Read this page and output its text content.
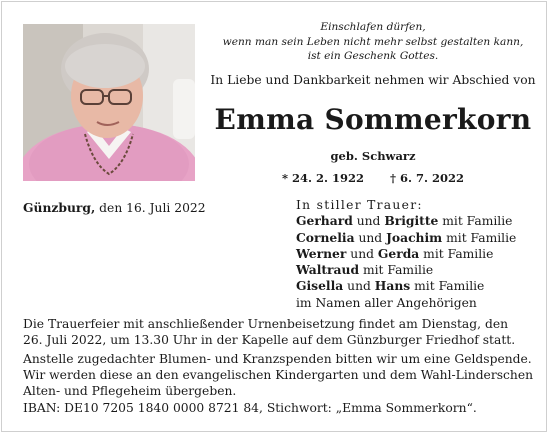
Einschlafen dürfen,
wenn man sein Leben nicht mehr selbst gestalten kann,
ist ein Geschenk Gottes.
In Liebe und Dankbarkeit nehmen wir Abschied von
Emma Sommerkorn
geb. Schwarz
* 24. 2. 1922 † 6. 7. 2022
Günzburg, den 16. Juli 2022	In stiller Trauer:
Gerhard und Brigitte mit Familie
Cornelia und Joachim mit Familie
Werner und Gerda mit Familie
Waltraud mit Familie
Gisella und Hans mit Familie
im Namen aller Angehörigen
Die Trauerfeier mit anschließender Urnenbeisetzung findet am Dienstag, den
26. Juli 2022, um 13.30 Uhr in der Kapelle auf dem Günzburger Friedhof statt.
Anstelle zugedachter Blumen- und Kranzspenden bitten wir um eine Geldspende.
Wir werden diese an den evangelischen Kindergarten und dem Wahl-Linderschen
Alten- und Pflegeheim übergeben.
IBAN: DE10 7205 1840 0000 8721 84, Stichwort: „Emma Sommerkorn“.
